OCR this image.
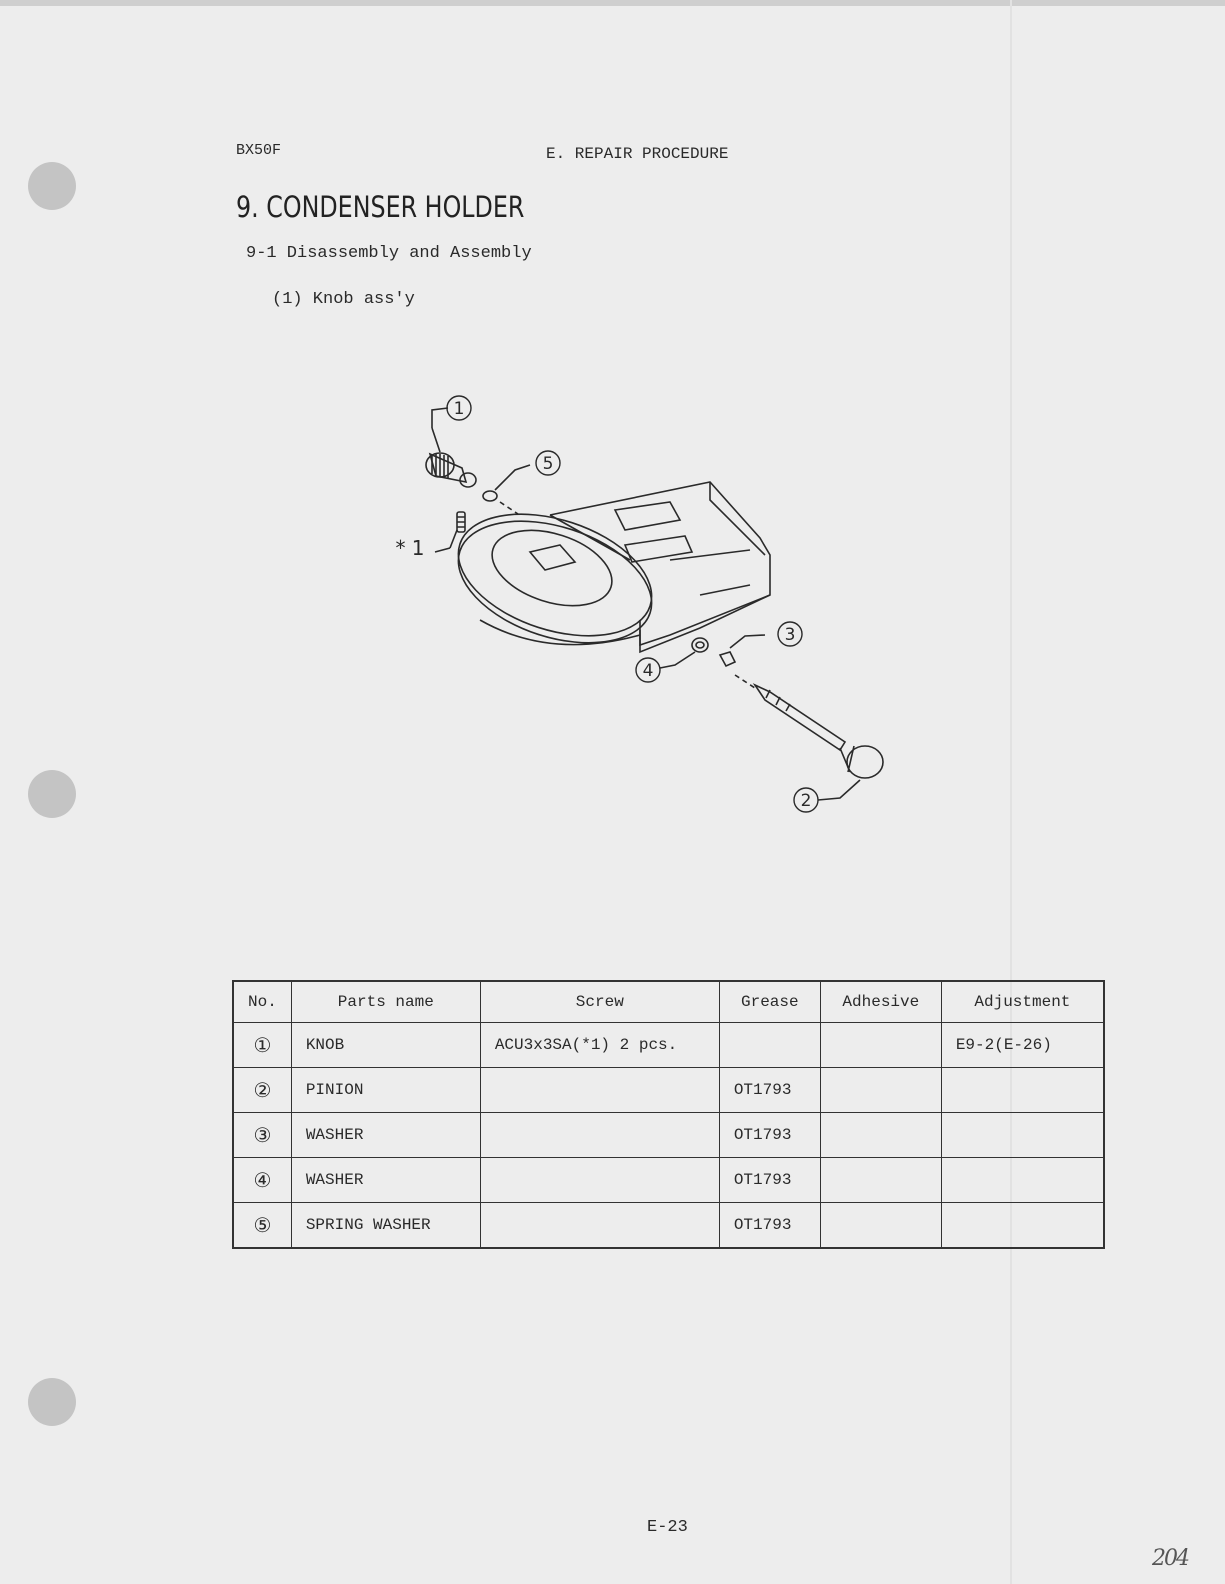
BX50F	E. REPAIR PROCEDURE
9. CONDENSER HOLDER
9-1 Disassembly and Assembly
(1) Knob ass'y
1
2
3
4
5
* 1
No.	Parts name	Screw	Grease	Adhesive	Adjustment
①	KNOB	ACU3x3SA(*1) 2 pcs.			E9-2(E-26)
②	PINION		OT1793		
③	WASHER		OT1793		
④	WASHER		OT1793		
⑤	SPRING WASHER		OT1793		
E-23
204
